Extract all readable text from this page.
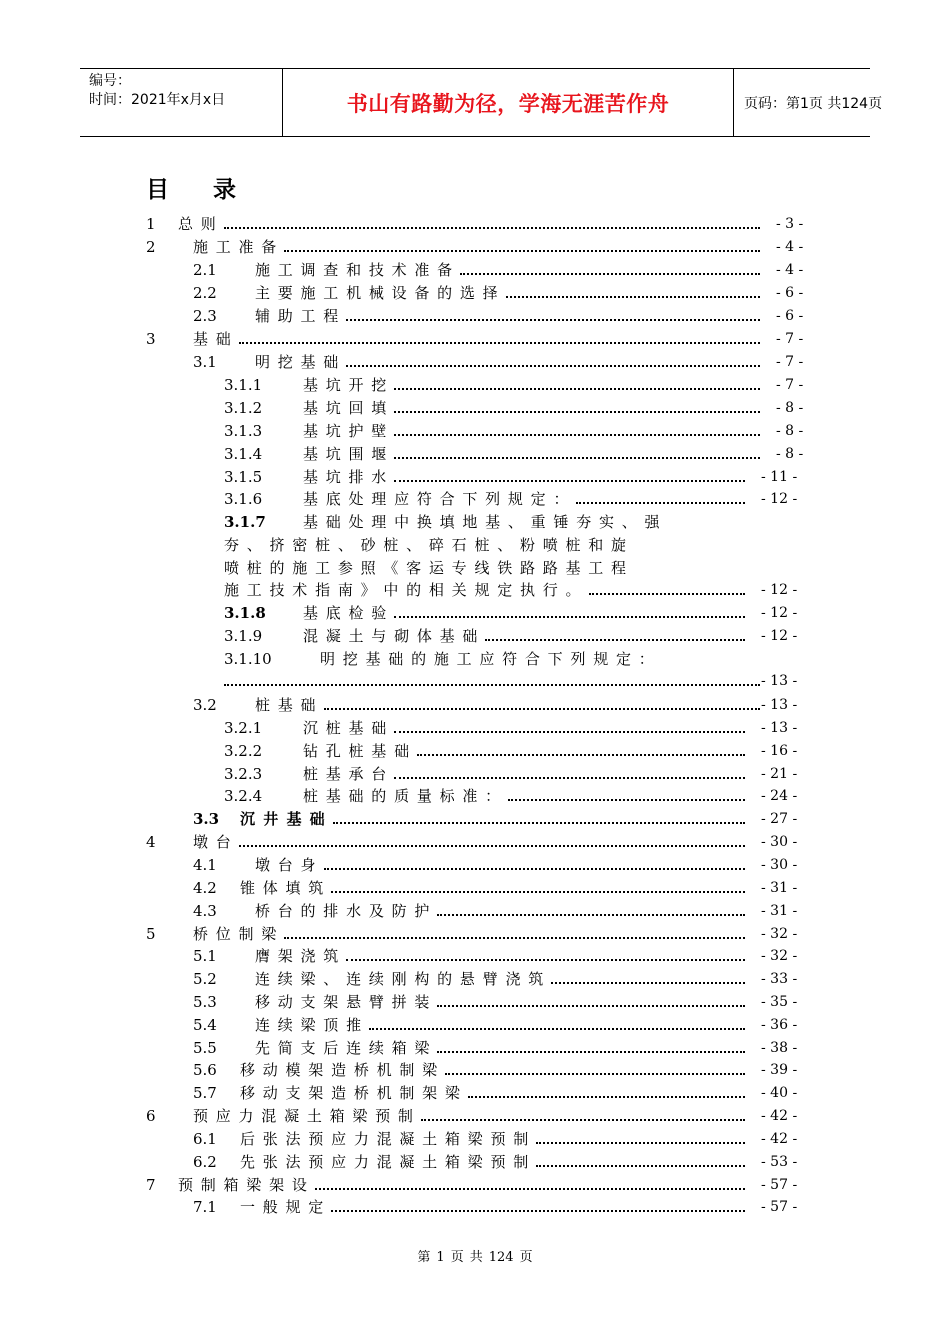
编号：
时间：2021年x月x日	书山有路勤为径，学海无涯苦作舟	页码：第1页 共124页
目录
1 总 则	- 3 -
2 施 工 准 备	- 4 -
2.1	施 工 调 查 和 技 术 准 备	- 4 -
2.2	主 要 施 工 机 械 设 备 的 选 择	- 6 -
2.3	辅 助 工 程	- 6 -
3 基 础	- 7 -
3.1	明 挖 基 础	- 7 -
3.1.1	基 坑 开 挖	- 7 -
3.1.2	基 坑 回 填	- 8 -
3.1.3	基 坑 护 壁	- 8 -
3.1.4	基 坑 围 堰	- 8 -
3.1.5	基 坑 排 水	- 11 -
3.1.6	基 底 处 理 应 符 合 下 列 规 定 ：	- 12 -
3.1.7 基 础 处 理 中 换 填 地 基 、 重 锤 夯 实 、 强
夯 、 挤 密 桩 、 砂 桩 、 碎 石 桩 、 粉 喷 桩 和 旋
喷 桩 的 施 工 参 照 《 客 运 专 线 铁 路 路 基 工 程
施 工 技 术 指 南 》 中 的 相 关 规 定 执 行 。	- 12 -
3.1.8 基 底 检 验	- 12 -
3.1.9	混 凝 土 与 砌 体 基 础	- 12 -
3.1.10	明 挖 基 础 的 施 工 应 符 合 下 列 规 定 ：
- 13 -
3.2	桩 基 础	- 13 -
3.2.1	沉 桩 基 础	- 13 -
3.2.2	钻 孔 桩 基 础	- 16 -
3.2.3	桩 基 承 台	- 21 -
3.2.4	桩 基 础 的 质 量 标 准 ：	- 24 -
3.3 沉 井 基 础	- 27 -
4 墩 台	- 30 -
4.1	墩 台 身	- 30 -
4.2 锥 体 填 筑	- 31 -
4.3	桥 台 的 排 水 及 防 护	- 31 -
5 桥 位 制 梁	- 32 -
5.1	膺 架 浇 筑	- 32 -
5.2	连 续 梁 、 连 续 刚 构 的 悬 臂 浇 筑	- 33 -
5.3	移 动 支 架 悬 臂 拼 装	- 35 -
5.4	连 续 梁 顶 推	- 36 -
5.5	先 简 支 后 连 续 箱 梁	- 38 -
5.6 移 动 模 架 造 桥 机 制 梁	- 39 -
5.7 移 动 支 架 造 桥 机 制 架 梁	- 40 -
6 预 应 力 混 凝 土 箱 梁 预 制	- 42 -
6.1 后 张 法 预 应 力 混 凝 土 箱 梁 预 制	- 42 -
6.2 先 张 法 预 应 力 混 凝 土 箱 梁 预 制	- 53 -
7 预 制 箱 梁 架 设	- 57 -
7.1 一 般 规 定	- 57 -
第 1 页 共 124 页
